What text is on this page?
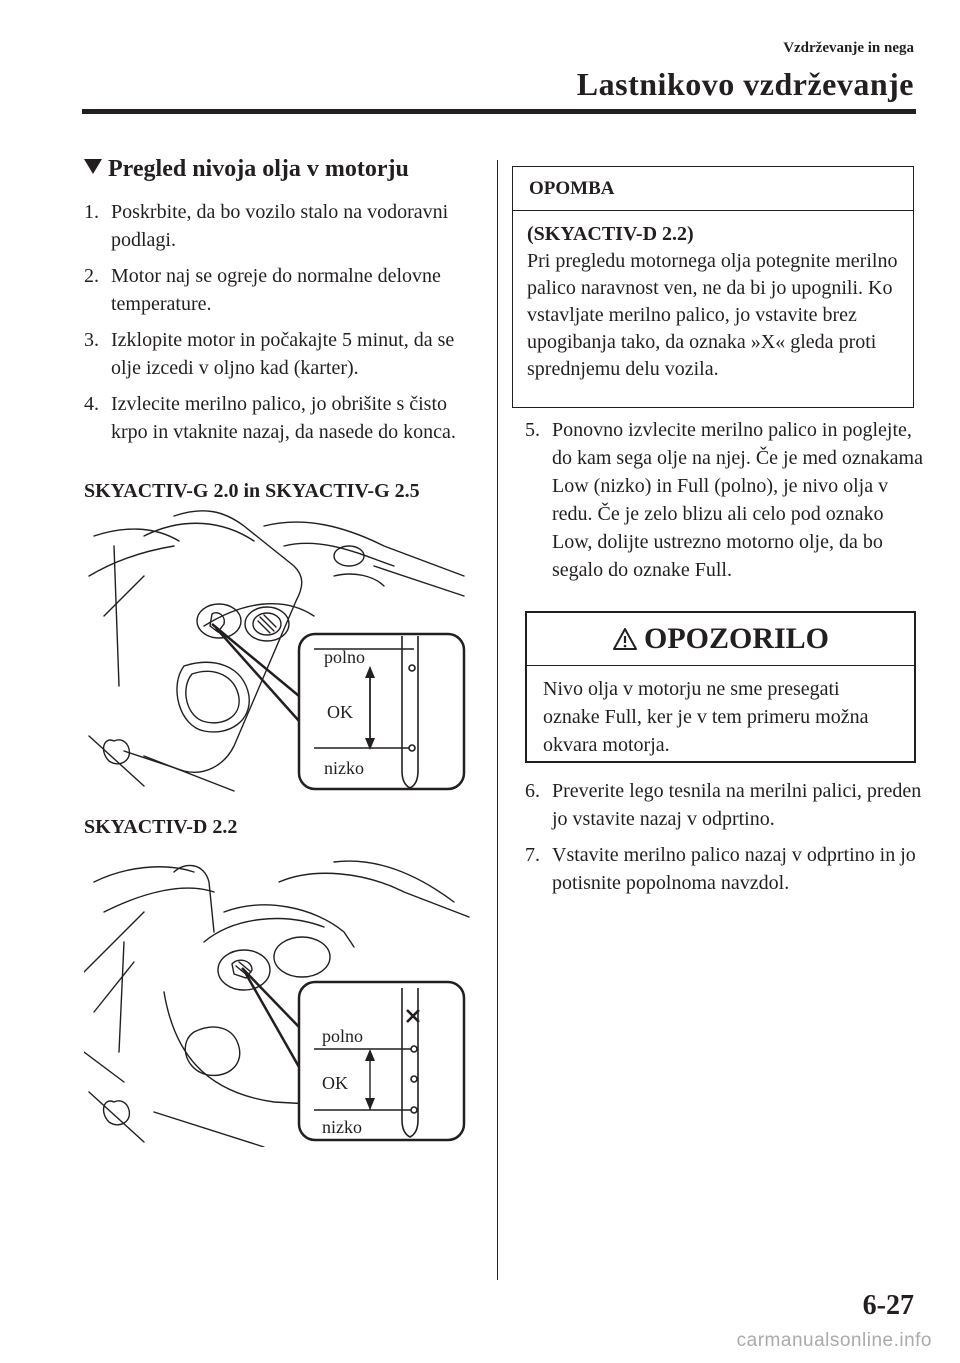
Vzdrževanje in nega
Lastnikovo vzdrževanje
Pregled nivoja olja v motorju
1. Poskrbite, da bo vozilo stalo na vodoravni podlagi.
2. Motor naj se ogreje do normalne delovne temperature.
3. Izklopite motor in počakajte 5 minut, da se olje izcedi v oljno kad (karter).
4. Izvlecite merilno palico, jo obrišite s čisto krpo in vtaknite nazaj, da nasede do konca.
SKYACTIV-G 2.0 in SKYACTIV-G 2.5
polno
OK
nizko
SKYACTIV-D 2.2
polno
OK
nizko
OPOMBA
(SKYACTIV-D 2.2)
Pri pregledu motornega olja potegnite merilno palico naravnost ven, ne da bi jo upognili. Ko vstavljate merilno palico, jo vstavite brez upogibanja tako, da oznaka »X« gleda proti sprednjemu delu vozila.
5. Ponovno izvlecite merilno palico in poglejte, do kam sega olje na njej. Če je med oznakama Low (nizko) in Full (polno), je nivo olja v redu. Če je zelo blizu ali celo pod oznako Low, dolijte ustrezno motorno olje, da bo segalo do oznake Full.
OPOZORILO
Nivo olja v motorju ne sme presegati oznake Full, ker je v tem primeru možna okvara motorja.
6. Preverite lego tesnila na merilni palici, preden jo vstavite nazaj v odprtino.
7. Vstavite merilno palico nazaj v odprtino in jo potisnite popolnoma navzdol.
6-27
carmanualsonline.info
